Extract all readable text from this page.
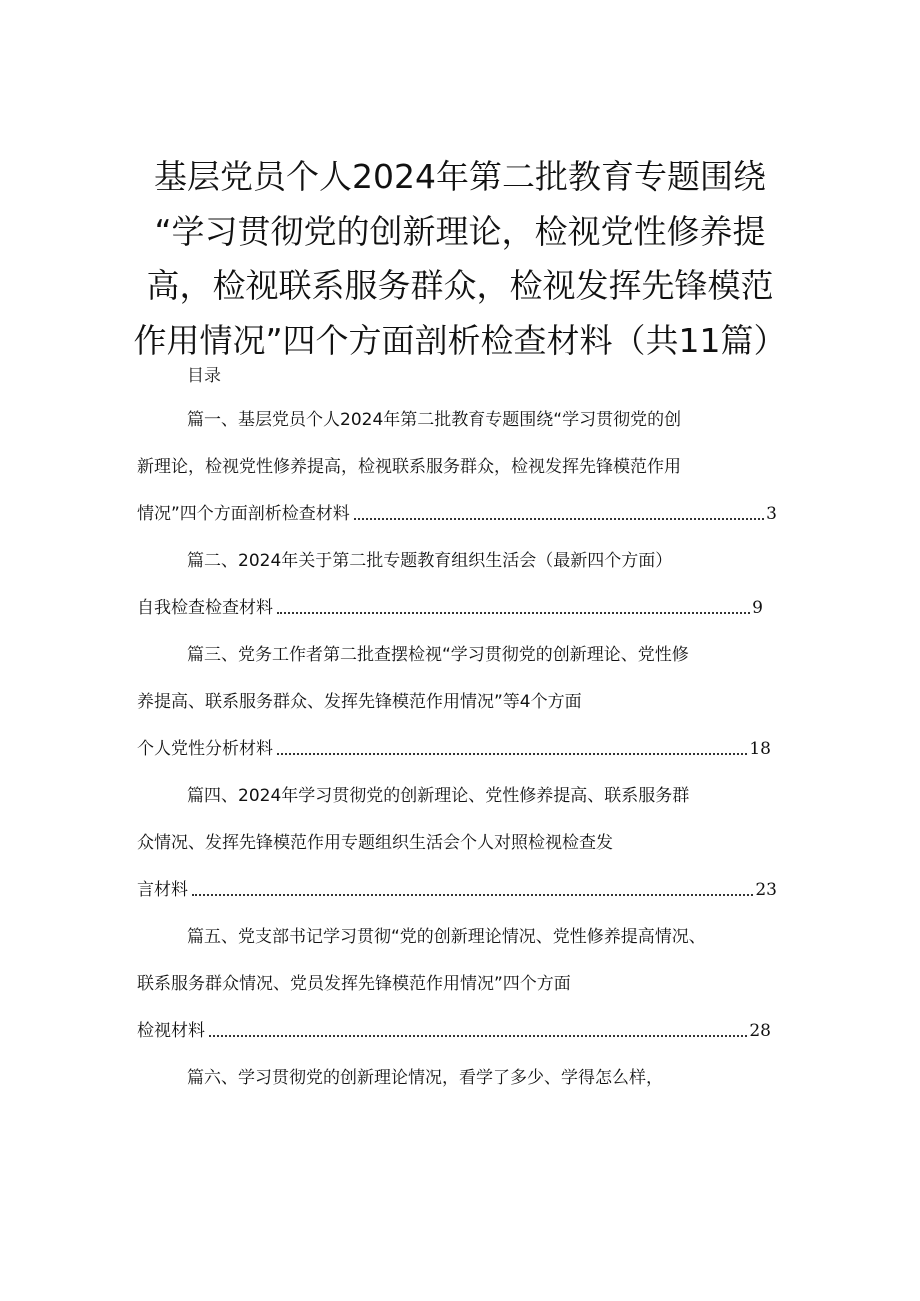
基层党员个人2024年第二批教育专题围绕
“学习贯彻党的创新理论，检视党性修养提
高，检视联系服务群众，检视发挥先锋模范
作用情况”四个方面剖析检查材料（共11篇）
目录
篇一、基层党员个人2024年第二批教育专题围绕“学习贯彻党的创
新理论，检视党性修养提高，检视联系服务群众，检视发挥先锋模范作用
情况”四个方面剖析检查材料	3
篇二、2024年关于第二批专题教育组织生活会（最新四个方面）
自我检查检查材料	9
篇三、党务工作者第二批查摆检视“学习贯彻党的创新理论、党性修
养提高、联系服务群众、发挥先锋模范作用情况”等4个方面
个人党性分析材料	18
篇四、2024年学习贯彻党的创新理论、党性修养提高、联系服务群
众情况、发挥先锋模范作用专题组织生活会个人对照检视检查发
言材料	23
篇五、党支部书记学习贯彻“党的创新理论情况、党性修养提高情况、
联系服务群众情况、党员发挥先锋模范作用情况”四个方面
检视材料	28
篇六、学习贯彻党的创新理论情况，看学了多少、学得怎么样，
